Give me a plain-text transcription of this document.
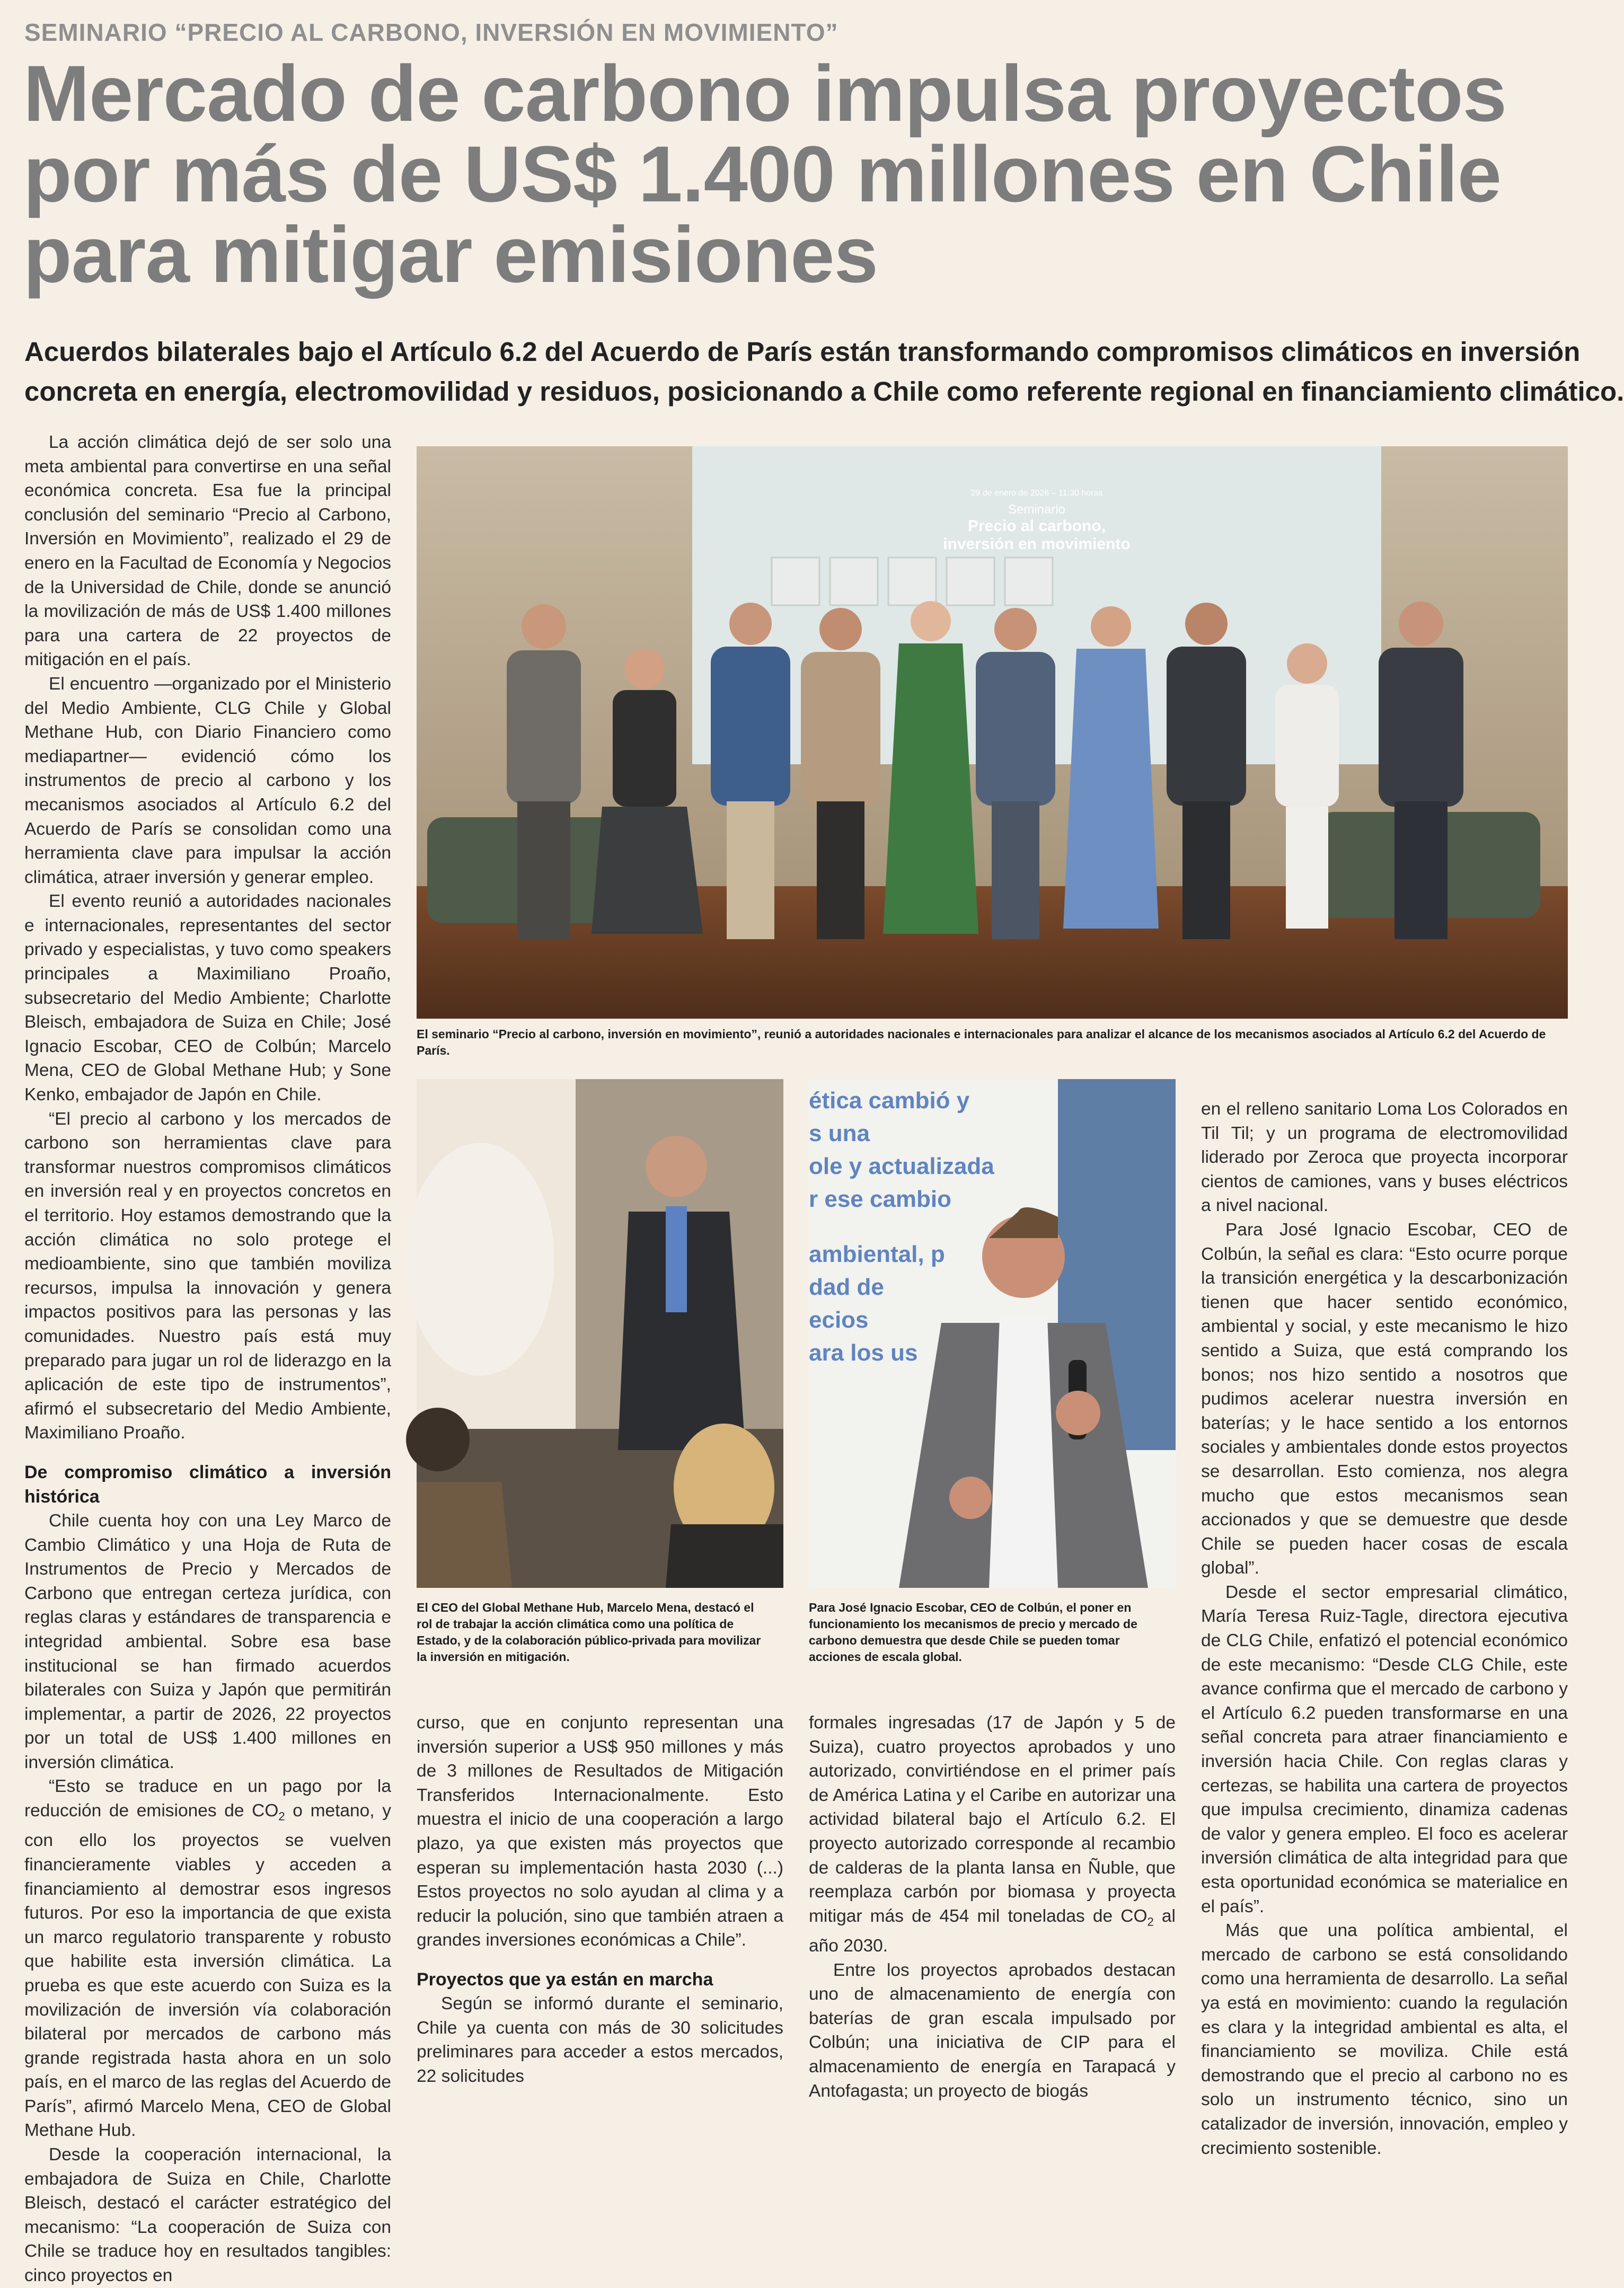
SEMINARIO “PRECIO AL CARBONO, INVERSIÓN EN MOVIMIENTO”
Mercado de carbono impulsa proyectos
por más de US$ 1.400 millones en Chile
para mitigar emisiones
Acuerdos bilaterales bajo el Artículo 6.2 del Acuerdo de París están transformando compromisos climáticos en inversión
concreta en energía, electromovilidad y residuos, posicionando a Chile como referente regional en financiamiento climático.

La acción climática dejó de ser solo una meta ambiental para convertirse en una señal económica concreta. Esa fue la principal conclusión del seminario “Precio al Carbono, Inversión en Movimiento”, realizado el 29 de enero en la Facultad de Economía y Negocios de la Universidad de Chile, donde se anunció la movilización de más de US$ 1.400 millones para una cartera de 22 proyectos de mitigación en el país.

El encuentro —organizado por el Ministerio del Medio Ambiente, CLG Chile y Global Methane Hub, con Diario Financiero como mediapartner— evidenció cómo los instrumentos de precio al carbono y los mecanismos asociados al Artículo 6.2 del Acuerdo de París se consolidan como una herramienta clave para impulsar la acción climática, atraer inversión y generar empleo.

El evento reunió a autoridades nacionales e internacionales, representantes del sector privado y especialistas, y tuvo como speakers principales a Maximiliano Proaño, subsecretario del Medio Ambiente; Charlotte Bleisch, embajadora de Suiza en Chile; José Ignacio Escobar, CEO de Colbún; Marcelo Mena, CEO de Global Methane Hub; y Sone Kenko, embajador de Japón en Chile.

“El precio al carbono y los mercados de carbono son herramientas clave para transformar nuestros compromisos climáticos en inversión real y en proyectos concretos en el territorio. Hoy estamos demostrando que la acción climática no solo protege el medioambiente, sino que también moviliza recursos, impulsa la innovación y genera impactos positivos para las personas y las comunidades. Nuestro país está muy preparado para jugar un rol de liderazgo en la aplicación de este tipo de instrumentos”, afirmó el subsecretario del Medio Ambiente, Maximiliano Proaño.

De compromiso climático a inversión histórica

Chile cuenta hoy con una Ley Marco de Cambio Climático y una Hoja de Ruta de Instrumentos de Precio y Mercados de Carbono que entregan certeza jurídica, con reglas claras y estándares de transparencia e integridad ambiental. Sobre esa base institucional se han firmado acuerdos bilaterales con Suiza y Japón que permitirán implementar, a partir de 2026, 22 proyectos por un total de US$ 1.400 millones en inversión climática.

“Esto se traduce en un pago por la reducción de emisiones de $CO_2$ o metano, y con ello los proyectos se vuelven financieramente viables y acceden a financiamiento al demostrar esos ingresos futuros. Por eso la importancia de que exista un marco regulatorio transparente y robusto que habilite esta inversión climática. La prueba es que este acuerdo con Suiza es la movilización de inversión vía colaboración bilateral por mercados de carbono más grande registrada hasta ahora en un solo país, en el marco de las reglas del Acuerdo de París”, afirmó Marcelo Mena, CEO de Global Methane Hub.

Desde la cooperación internacional, la embajadora de Suiza en Chile, Charlotte Bleisch, destacó el carácter estratégico del mecanismo: “La cooperación de Suiza con Chile se traduce hoy en resultados tangibles: cinco proyectos en

29 de enero de 2026 – 11:30 horas
Seminario
Precio al carbono,
inversión en movimiento
El seminario “Precio al carbono, inversión en movimiento”, reunió a autoridades nacionales e internacionales para analizar el alcance de los mecanismos asociados al Artículo 6.2 del Acuerdo de París.
El CEO del Global Methane Hub, Marcelo Mena, destacó el rol de trabajar la acción climática como una política de Estado, y de la colaboración público-privada para movilizar la inversión en mitigación.
ética cambió y
s una
ole y actualizada
r ese cambio
ambiental, p
dad de
ecios
ara los us
Para José Ignacio Escobar, CEO de Colbún, el poner en funcionamiento los mecanismos de precio y mercado de carbono demuestra que desde Chile se pueden tomar acciones de escala global.

curso, que en conjunto representan una inversión superior a US$ 950 millones y más de 3 millones de Resultados de Mitigación Transferidos Internacionalmente. Esto muestra el inicio de una cooperación a largo plazo, ya que existen más proyectos que esperan su implementación hasta 2030 (...) Estos proyectos no solo ayudan al clima y a reducir la polución, sino que también atraen a grandes inversiones económicas a Chile”.

Proyectos que ya están en marcha

Según se informó durante el seminario, Chile ya cuenta con más de 30 solicitudes preliminares para acceder a estos mercados, 22 solicitudes

formales ingresadas (17 de Japón y 5 de Suiza), cuatro proyectos aprobados y uno autorizado, convirtiéndose en el primer país de América Latina y el Caribe en autorizar una actividad bilateral bajo el Artículo 6.2. El proyecto autorizado corresponde al recambio de calderas de la planta Iansa en Ñuble, que reemplaza carbón por biomasa y proyecta mitigar más de 454 mil toneladas de $CO_2$ al año 2030.

Entre los proyectos aprobados destacan uno de almacenamiento de energía con baterías de gran escala impulsado por Colbún; una iniciativa de CIP para el almacenamiento de energía en Tarapacá y Antofagasta; un proyecto de biogás

en el relleno sanitario Loma Los Colorados en Til Til; y un programa de electromovilidad liderado por Zeroca que proyecta incorporar cientos de camiones, vans y buses eléctricos a nivel nacional.

Para José Ignacio Escobar, CEO de Colbún, la señal es clara: “Esto ocurre porque la transición energética y la descarbonización tienen que hacer sentido económico, ambiental y social, y este mecanismo le hizo sentido a Suiza, que está comprando los bonos; nos hizo sentido a nosotros que pudimos acelerar nuestra inversión en baterías; y le hace sentido a los entornos sociales y ambientales donde estos proyectos se desarrollan. Esto comienza, nos alegra mucho que estos mecanismos sean accionados y que se demuestre que desde Chile se pueden hacer cosas de escala global”.

Desde el sector empresarial climático, María Teresa Ruiz-Tagle, directora ejecutiva de CLG Chile, enfatizó el potencial económico de este mecanismo: “Desde CLG Chile, este avance confirma que el mercado de carbono y el Artículo 6.2 pueden transformarse en una señal concreta para atraer financiamiento e inversión hacia Chile. Con reglas claras y certezas, se habilita una cartera de proyectos que impulsa crecimiento, dinamiza cadenas de valor y genera empleo. El foco es acelerar inversión climática de alta integridad para que esta oportunidad económica se materialice en el país”.

Más que una política ambiental, el mercado de carbono se está consolidando como una herramienta de desarrollo. La señal ya está en movimiento: cuando la regulación es clara y la integridad ambiental es alta, el financiamiento se moviliza. Chile está demostrando que el precio al carbono no es solo un instrumento técnico, sino un catalizador de inversión, innovación, empleo y crecimiento sostenible.
